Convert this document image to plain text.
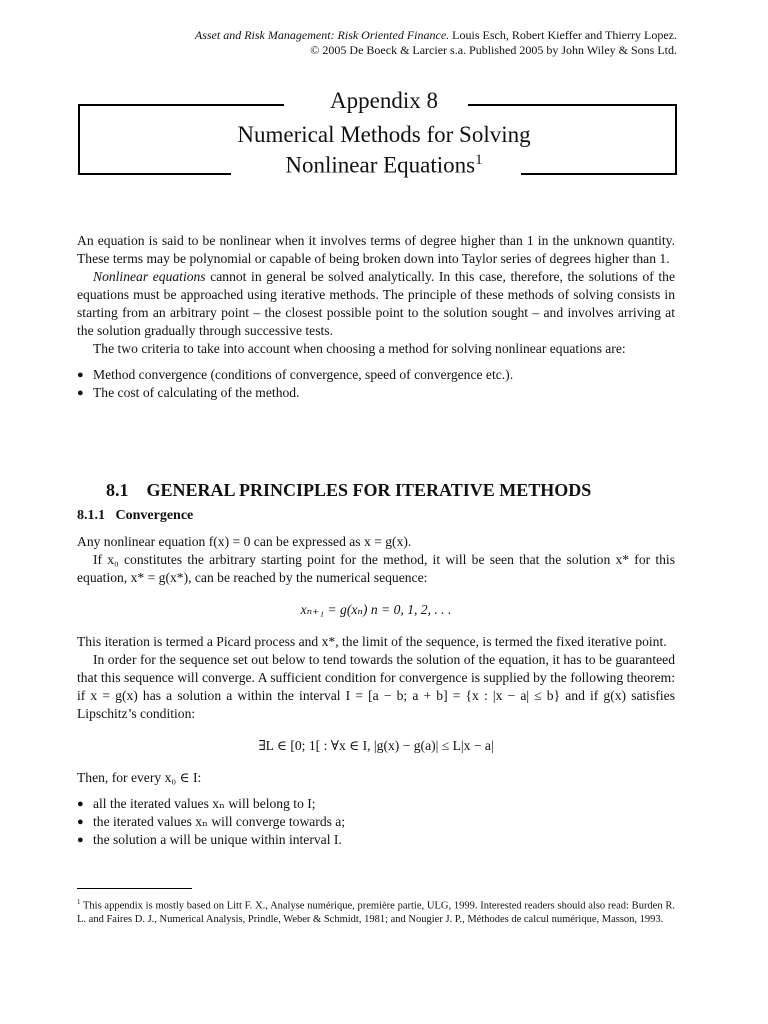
Asset and Risk Management: Risk Oriented Finance. Louis Esch, Robert Kieffer and Thierry Lopez.
© 2005 De Boeck & Larcier s.a. Published 2005 by John Wiley & Sons Ltd.
Appendix 8
Numerical Methods for Solving
Nonlinear Equations$^1$

An equation is said to be nonlinear when it involves terms of degree higher than 1 in the unknown quantity. These terms may be polynomial or capable of being broken down into Taylor series of degrees higher than 1.

Nonlinear equations cannot in general be solved analytically. In this case, therefore, the solutions of the equations must be approached using iterative methods. The principle of these methods of solving consists in starting from an arbitrary point – the closest possible point to the solution sought – and involves arriving at the solution gradually through successive tests.

The two criteria to take into account when choosing a method for solving nonlinear equations are:

● Method convergence (conditions of convergence, speed of convergence etc.).

● The cost of calculating of the method.

8.1 GENERAL PRINCIPLES FOR ITERATIVE METHODS
8.1.1 Convergence

Any nonlinear equation f(x) = 0 can be expressed as x = g(x).

If x₀ constitutes the arbitrary starting point for the method, it will be seen that the solution x* for this equation, x* = g(x*), can be reached by the numerical sequence:

xₙ₊₁ = g(xₙ) n = 0, 1, 2, . . .

This iteration is termed a Picard process and x*, the limit of the sequence, is termed the fixed iterative point.

In order for the sequence set out below to tend towards the solution of the equation, it has to be guaranteed that this sequence will converge. A sufficient condition for convergence is supplied by the following theorem: if x = g(x) has a solution a within the interval I = [a − b; a + b] = {x : |x − a| ≤ b} and if g(x) satisfies Lipschitz’s condition:

∃L ∈ [0; 1[ : ∀x ∈ I, |g(x) − g(a)| ≤ L|x − a|

Then, for every x₀ ∈ I:

● all the iterated values xₙ will belong to I;

● the iterated values xₙ will converge towards a;

● the solution a will be unique within interval I.

$^1$ This appendix is mostly based on Litt F. X., Analyse numérique, première partie, ULG, 1999. Interested readers should also read: Burden R. L. and Faires D. J., Numerical Analysis, Prindle, Weber & Schmidt, 1981; and Nougier J. P., Méthodes de calcul numérique, Masson, 1993.
